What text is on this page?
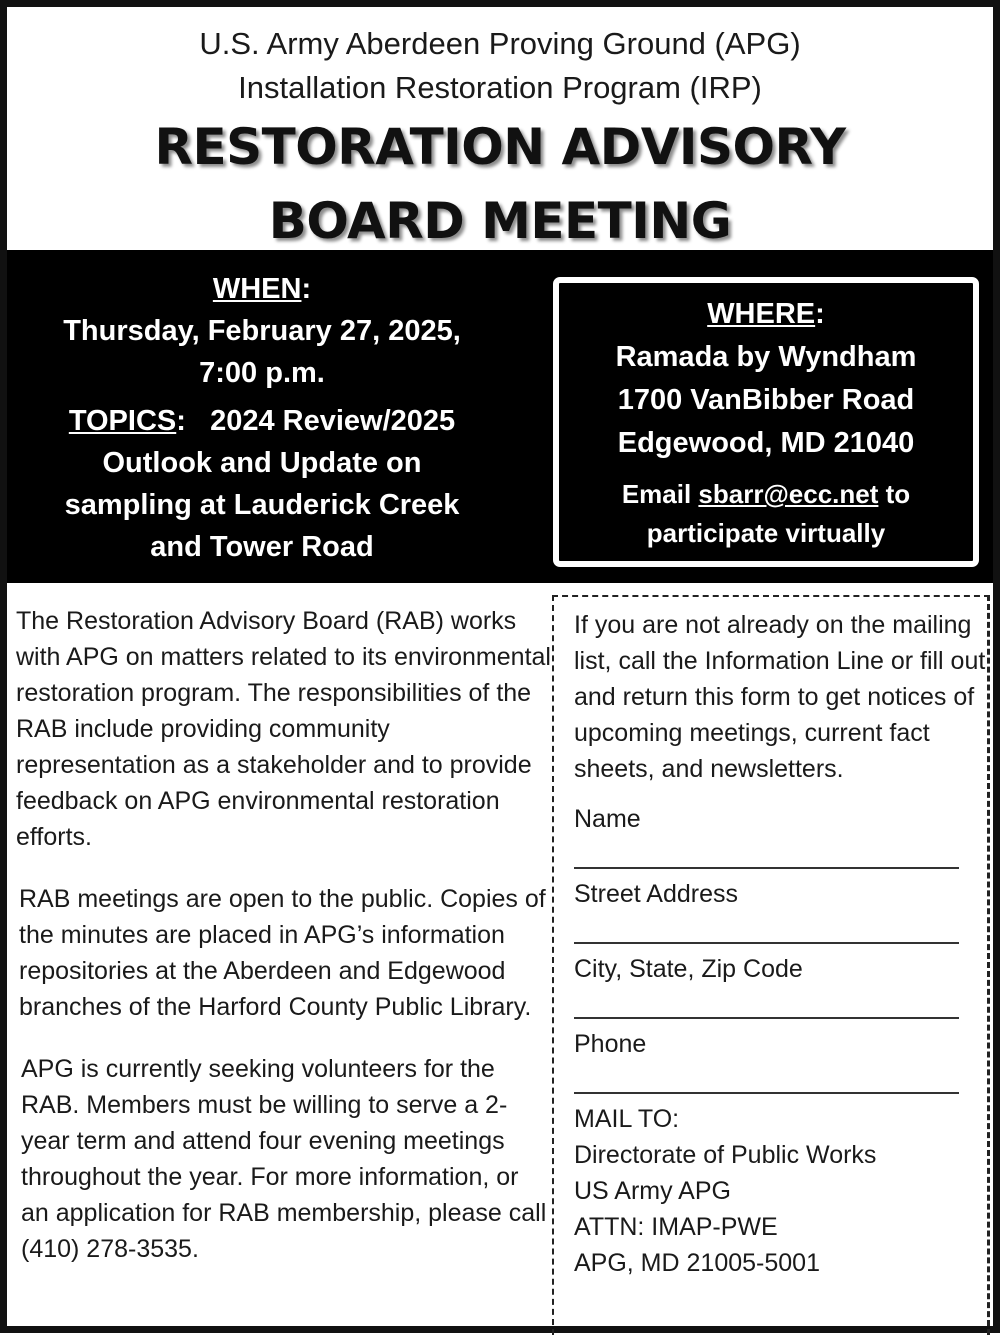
U.S. Army Aberdeen Proving Ground (APG)
Installation Restoration Program (IRP)
RESTORATION ADVISORY
BOARD MEETING
WHEN:
Thursday, February 27, 2025,
7:00 p.m.
TOPICS:   2024 Review/2025
Outlook and Update on
sampling at Lauderick Creek
and Tower Road
WHERE:
Ramada by Wyndham
1700 VanBibber Road
Edgewood, MD 21040
Email sbarr@ecc.net to
participate virtually

The Restoration Advisory Board (RAB) works with APG on matters related to its environmental restoration program. The responsibilities of the RAB include providing community representation as a stakeholder and to provide feedback on APG environmental restoration efforts.

RAB meetings are open to the public. Copies of the minutes are placed in APG’s information repositories at the Aberdeen and Edgewood branches of the Harford County Public Library.

APG is currently seeking volunteers for the RAB. Members must be willing to serve a 2-year term and attend four evening meetings throughout the year. For more information, or an application for RAB membership, please call (410) 278-3535.

If you are not already on the mailing list, call the Information Line or fill out and return this form to get notices of upcoming meetings, current fact sheets, and newsletters.

Name
Street Address
City, State, Zip Code
Phone
MAIL TO:
Directorate of Public Works
US Army APG
ATTN: IMAP-PWE
APG, MD 21005-5001
